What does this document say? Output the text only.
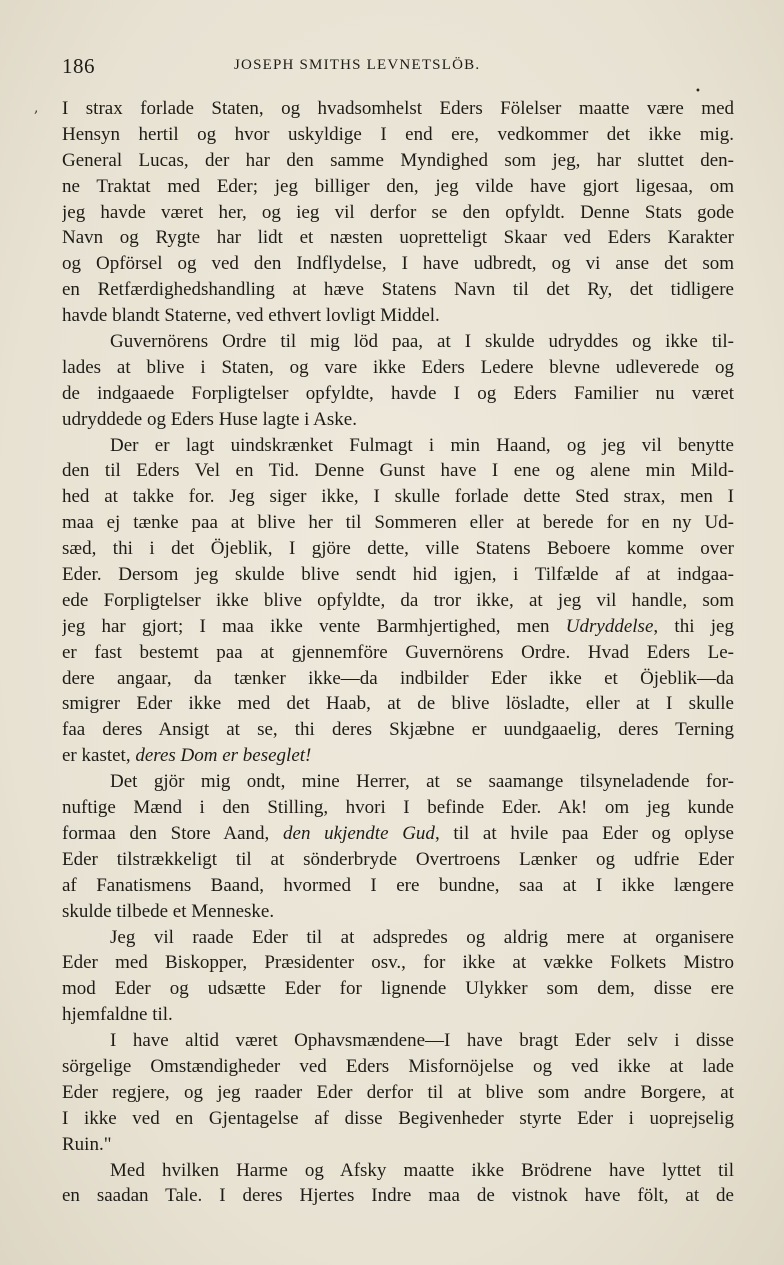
186	JOSEPH SMITHS LEVNETSLÖB.
,
•
I strax forlade Staten, og hvadsomhelst Eders Fölelser maatte være med
Hensyn hertil og hvor uskyldige I end ere, vedkommer det ikke mig.
General Lucas, der har den samme Myndighed som jeg, har sluttet den-
ne Traktat med Eder; jeg billiger den, jeg vilde have gjort ligesaa, om
jeg havde været her, og ieg vil derfor se den opfyldt. Denne Stats gode
Navn og Rygte har lidt et næsten uopretteligt Skaar ved Eders Karakter
og Opförsel og ved den Indflydelse, I have udbredt, og vi anse det som
en Retfærdighedshandling at hæve Statens Navn til det Ry, det tidligere
havde blandt Staterne, ved ethvert lovligt Middel.
Guvernörens Ordre til mig löd paa, at I skulde udryddes og ikke til-
lades at blive i Staten, og vare ikke Eders Ledere blevne udleverede og
de indgaaede Forpligtelser opfyldte, havde I og Eders Familier nu været
udryddede og Eders Huse lagte i Aske.
Der er lagt uindskrænket Fulmagt i min Haand, og jeg vil benytte
den til Eders Vel en Tid. Denne Gunst have I ene og alene min Mild-
hed at takke for. Jeg siger ikke, I skulle forlade dette Sted strax, men I
maa ej tænke paa at blive her til Sommeren eller at berede for en ny Ud-
sæd, thi i det Öjeblik, I gjöre dette, ville Statens Beboere komme over
Eder. Dersom jeg skulde blive sendt hid igjen, i Tilfælde af at indgaa-
ede Forpligtelser ikke blive opfyldte, da tror ikke, at jeg vil handle, som
jeg har gjort; I maa ikke vente Barmhjertighed, men Udryddelse, thi jeg
er fast bestemt paa at gjennemföre Guvernörens Ordre. Hvad Eders Le-
dere angaar, da tænker ikke—da indbilder Eder ikke et Öjeblik—da
smigrer Eder ikke med det Haab, at de blive lösladte, eller at I skulle
faa deres Ansigt at se, thi deres Skjæbne er uundgaaelig, deres Terning
er kastet, deres Dom er beseglet!
Det gjör mig ondt, mine Herrer, at se saamange tilsyneladende for-
nuftige Mænd i den Stilling, hvori I befinde Eder. Ak! om jeg kunde
formaa den Store Aand, den ukjendte Gud, til at hvile paa Eder og oplyse
Eder tilstrækkeligt til at sönderbryde Overtroens Lænker og udfrie Eder
af Fanatismens Baand, hvormed I ere bundne, saa at I ikke længere
skulde tilbede et Menneske.
Jeg vil raade Eder til at adspredes og aldrig mere at organisere
Eder med Biskopper, Præsidenter osv., for ikke at vække Folkets Mistro
mod Eder og udsætte Eder for lignende Ulykker som dem, disse ere
hjemfaldne til.
I have altid været Ophavsmændene—I have bragt Eder selv i disse
sörgelige Omstændigheder ved Eders Misfornöjelse og ved ikke at lade
Eder regjere, og jeg raader Eder derfor til at blive som andre Borgere, at
I ikke ved en Gjentagelse af disse Begivenheder styrte Eder i uoprejselig
Ruin."
Med hvilken Harme og Afsky maatte ikke Brödrene have lyttet til
en saadan Tale. I deres Hjertes Indre maa de vistnok have fölt, at de
